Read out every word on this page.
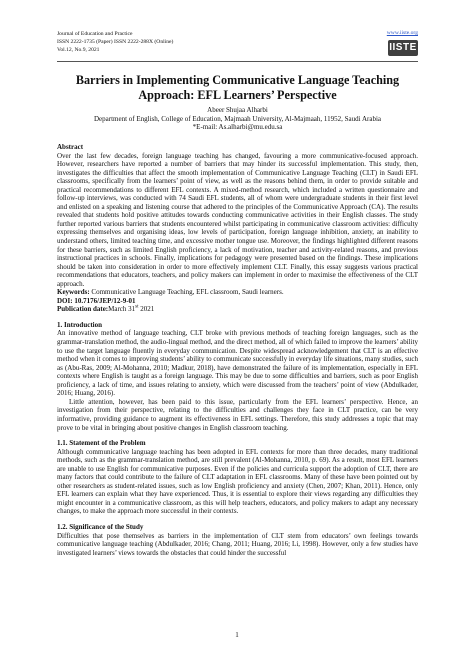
Journal of Education and Practice
ISSN 2222-1735 (Paper) ISSN 2222-288X (Online)
Vol.12, No.9, 2021
www.iiste.org
IISTE
Barriers in Implementing Communicative Language Teaching
Approach: EFL Learners’ Perspective
Abeer Shujaa Alharbi
Department of English, College of Education, Majmaah University, Al-Majmaah, 11952, Saudi Arabia
*E-mail: As.alharbi@mu.edu.sa

Abstract

Over the last few decades, foreign language teaching has changed, favouring a more communicative-focused approach. However, researchers have reported a number of barriers that may hinder its successful implementation. This study, then, investigates the difficulties that affect the smooth implementation of Communicative Language Teaching (CLT) in Saudi EFL classrooms, specifically from the learners’ point of view, as well as the reasons behind them, in order to provide suitable and practical recommendations to different EFL contexts. A mixed-method research, which included a written questionnaire and follow-up interviews, was conducted with 74 Saudi EFL students, all of whom were undergraduate students in their first level and enlisted on a speaking and listening course that adhered to the principles of the Communicative Approach (CA). The results revealed that students hold positive attitudes towards conducting communicative activities in their English classes. The study further reported various barriers that students encountered whilst participating in communicative classroom activities: difficulty expressing themselves and organising ideas, low levels of participation, foreign language inhibition, anxiety, an inability to understand others, limited teaching time, and excessive mother tongue use. Moreover, the findings highlighted different reasons for these barriers, such as limited English proficiency, a lack of motivation, teacher and activity-related reasons, and previous instructional practices in schools. Finally, implications for pedagogy were presented based on the findings. These implications should be taken into consideration in order to more effectively implement CLT. Finally, this essay suggests various practical recommendations that educators, teachers, and policy makers can implement in order to maximise the effectiveness of the CLT approach.

Keywords: Communicative Language Teaching, EFL classroom, Saudi learners.

DOI: 10.7176/JEP/12-9-01

Publication date:March 31st 2021

1. Introduction

An innovative method of language teaching, CLT broke with previous methods of teaching foreign languages, such as the grammar-translation method, the audio-lingual method, and the direct method, all of which failed to improve the learners’ ability to use the target language fluently in everyday communication. Despite widespread acknowledgement that CLT is an effective method when it comes to improving students’ ability to communicate successfully in everyday life situations, many studies, such as (Abu-Ras, 2009; Al-Mohanna, 2010; Madkur, 2018), have demonstrated the failure of its implementation, especially in EFL contexts where English is taught as a foreign language. This may be due to some difficulties and barriers, such as poor English proficiency, a lack of time, and issues relating to anxiety, which were discussed from the teachers’ point of view (Abdulkader, 2016; Huang, 2016).

Little attention, however, has been paid to this issue, particularly from the EFL learners’ perspective. Hence, an investigation from their perspective, relating to the difficulties and challenges they face in CLT practice, can be very informative, providing guidance to augment its effectiveness in EFL settings. Therefore, this study addresses a topic that may prove to be vital in bringing about positive changes in English classroom teaching.

1.1. Statement of the Problem

Although communicative language teaching has been adopted in EFL contexts for more than three decades, many traditional methods, such as the grammar-translation method, are still prevalent (Al-Mohanna, 2010, p. 69). As a result, most EFL learners are unable to use English for communicative purposes. Even if the policies and curricula support the adoption of CLT, there are many factors that could contribute to the failure of CLT adaptation in EFL classrooms. Many of these have been pointed out by other researchers as student-related issues, such as low English proficiency and anxiety (Chen, 2007; Khan, 2011). Hence, only EFL learners can explain what they have experienced. Thus, it is essential to explore their views regarding any difficulties they might encounter in a communicative classroom, as this will help teachers, educators, and policy makers to adapt any necessary changes, to make the approach more successful in their contexts.

1.2. Significance of the Study

Difficulties that pose themselves as barriers in the implementation of CLT stem from educators’ own feelings towards communicative language teaching (Abdulkader, 2016; Chang, 2011; Huang, 2016; Li, 1998). However, only a few studies have investigated learners’ views towards the obstacles that could hinder the successful

1
